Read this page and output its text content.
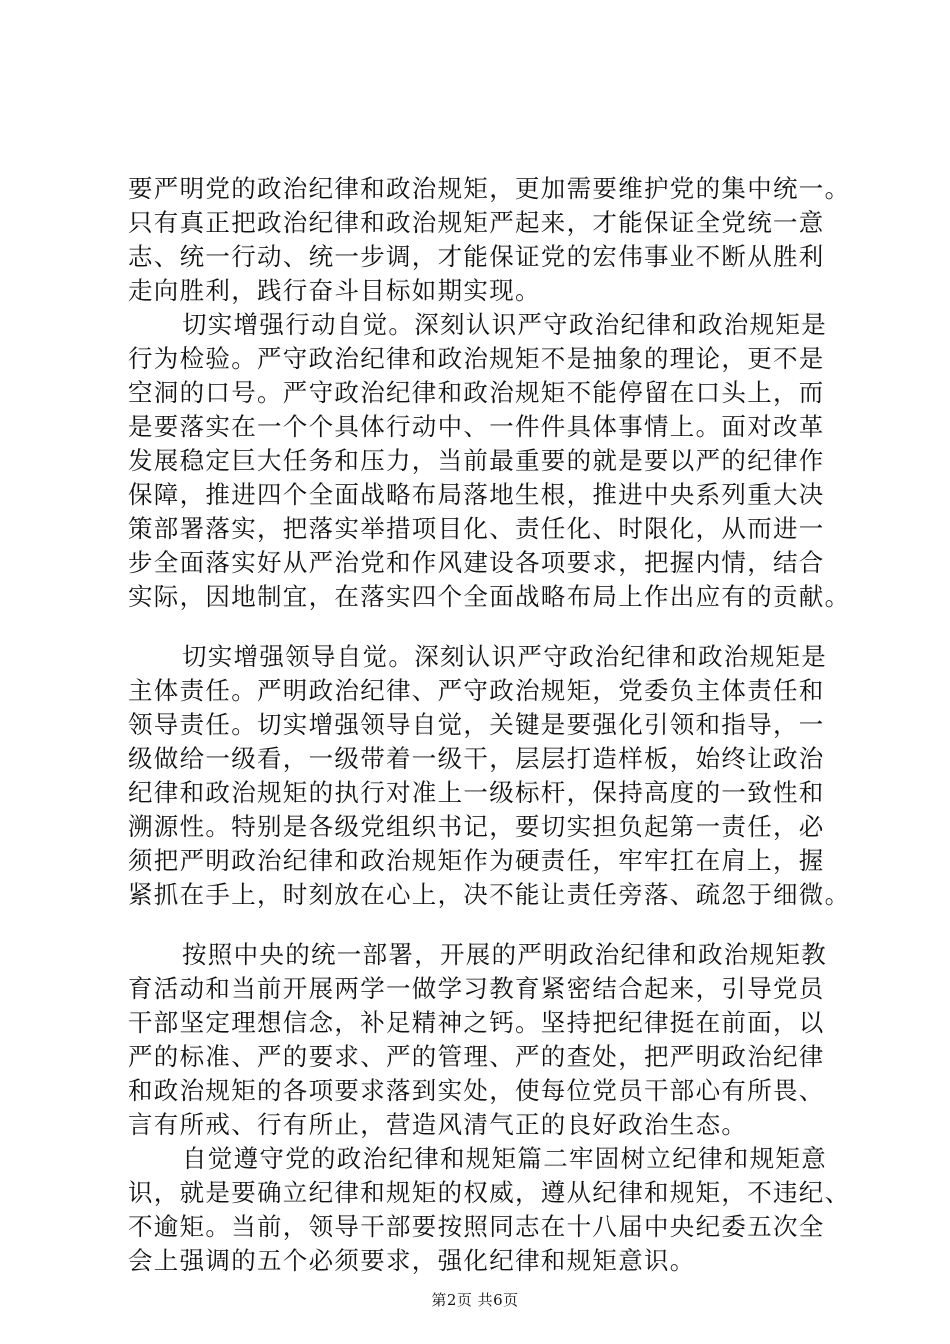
要严明党的政治纪律和政治规矩，更加需要维护党的集中统一。
只有真正把政治纪律和政治规矩严起来，才能保证全党统一意
志、统一行动、统一步调，才能保证党的宏伟事业不断从胜利
走向胜利，践行奋斗目标如期实现。
切实增强行动自觉。深刻认识严守政治纪律和政治规矩是
行为检验。严守政治纪律和政治规矩不是抽象的理论，更不是
空洞的口号。严守政治纪律和政治规矩不能停留在口头上，而
是要落实在一个个具体行动中、一件件具体事情上。面对改革
发展稳定巨大任务和压力，当前最重要的就是要以严的纪律作
保障，推进四个全面战略布局落地生根，推进中央系列重大决
策部署落实，把落实举措项目化、责任化、时限化，从而进一
步全面落实好从严治党和作风建设各项要求，把握内情，结合
实际，因地制宜，在落实四个全面战略布局上作出应有的贡献。
切实增强领导自觉。深刻认识严守政治纪律和政治规矩是
主体责任。严明政治纪律、严守政治规矩，党委负主体责任和
领导责任。切实增强领导自觉，关键是要强化引领和指导，一
级做给一级看，一级带着一级干，层层打造样板，始终让政治
纪律和政治规矩的执行对准上一级标杆，保持高度的一致性和
溯源性。特别是各级党组织书记，要切实担负起第一责任，必
须把严明政治纪律和政治规矩作为硬责任，牢牢扛在肩上，握
紧抓在手上，时刻放在心上，决不能让责任旁落、疏忽于细微。
按照中央的统一部署，开展的严明政治纪律和政治规矩教
育活动和当前开展两学一做学习教育紧密结合起来，引导党员
干部坚定理想信念，补足精神之钙。坚持把纪律挺在前面，以
严的标准、严的要求、严的管理、严的查处，把严明政治纪律
和政治规矩的各项要求落到实处，使每位党员干部心有所畏、
言有所戒、行有所止，营造风清气正的良好政治生态。
自觉遵守党的政治纪律和规矩篇二牢固树立纪律和规矩意
识，就是要确立纪律和规矩的权威，遵从纪律和规矩，不违纪、
不逾矩。当前，领导干部要按照同志在十八届中央纪委五次全
会上强调的五个必须要求，强化纪律和规矩意识。
第2页 共6页
